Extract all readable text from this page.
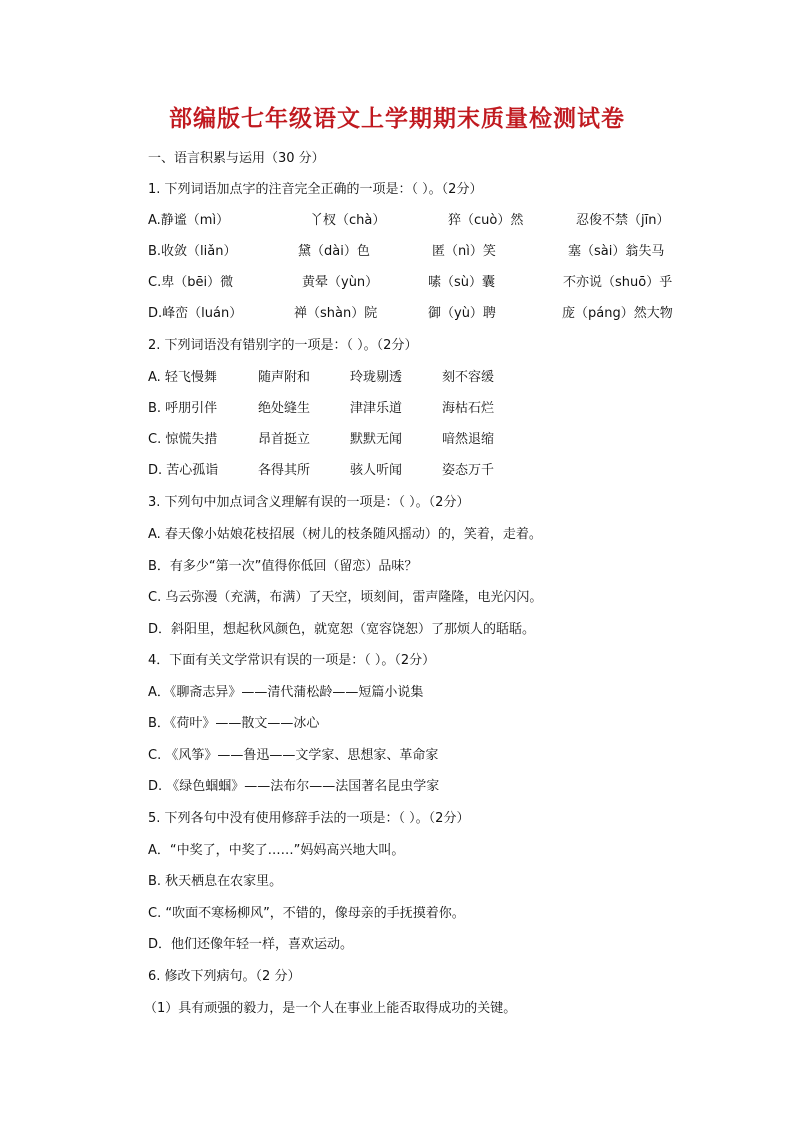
部编版七年级语文上学期期末质量检测试卷
一、语言积累与运用（30 分）
1. 下列词语加点字的注音完全正确的一项是：（ ）。（2分）
A.静谧（mì）	丫杈（chà）	猝（cuò）然	忍俊不禁（jīn）
B.收敛（liǎn）	黛（dài）色	匿（nì）笑	塞（sài）翁失马
C.卑（bēi）微	黄晕（yùn）	嗉（sù）囊	不亦说（shuō）乎
D.峰峦（luán）	禅（shàn）院	御（yù）聘	庞（páng）然大物
2. 下列词语没有错别字的一项是：（ ）。（2分）
A. 轻飞慢舞	随声附和	玲珑剔透	刻不容缓
B. 呼朋引伴	绝处缝生	津津乐道	海枯石烂
C. 惊慌失措	昂首挺立	默默无闻	喑然退缩
D. 苦心孤诣	各得其所	骇人听闻	姿态万千
3. 下列句中加点词含义理解有误的一项是：（ ）。（2分）
A. 春天像小姑娘花枝招展（树儿的枝条随风摇动）的，笑着，走着。
B．有多少“第一次”值得你低回（留恋）品味？
C. 乌云弥漫（充满，布满）了天空，顷刻间，雷声隆隆，电光闪闪。
D．斜阳里，想起秋风颜色，就宽恕（宽容饶恕）了那烦人的聒聒。
4．下面有关文学常识有误的一项是：（ ）。（2分）
A．《聊斋志异》——清代蒲松龄——短篇小说集
B．《荷叶》——散文——冰心
C. 《风筝》——鲁迅——文学家、思想家、革命家
D. 《绿色蝈蝈》——法布尔——法国著名昆虫学家
5. 下列各句中没有使用修辞手法的一项是：（ ）。（2分）
A．“中奖了，中奖了……”妈妈高兴地大叫。
B. 秋天栖息在农家里。
C. “吹面不寒杨柳风”，不错的，像母亲的手抚摸着你。
D．他们还像年轻一样，喜欢运动。
6. 修改下列病句。（2 分）
（1）具有顽强的毅力，是一个人在事业上能否取得成功的关键。
